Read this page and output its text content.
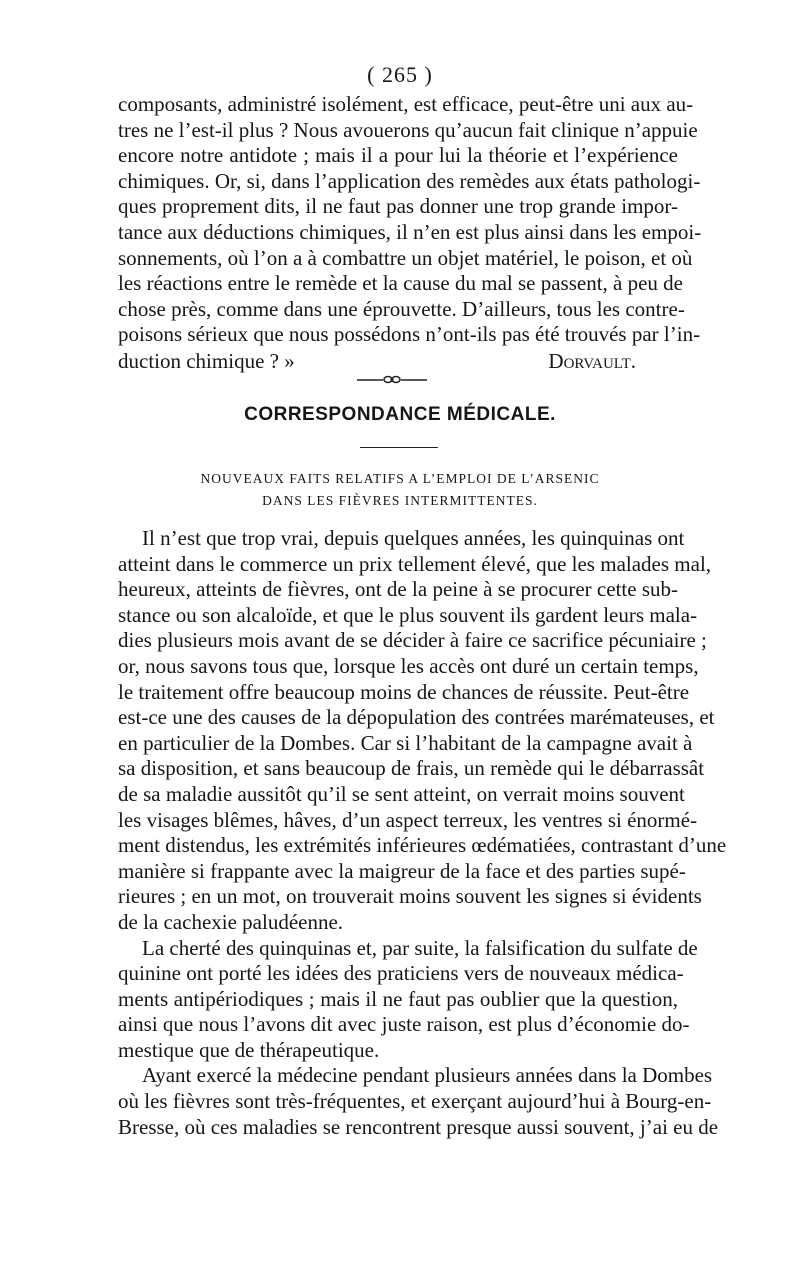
( 265 )
composants, administré isolément, est efficace, peut-être uni aux au-
tres ne l’est-il plus ? Nous avouerons qu’aucun fait clinique n’appuie
encore notre antidote ; mais il a pour lui la théorie et l’expérience
chimiques. Or, si, dans l’application des remèdes aux états pathologi-
ques proprement dits, il ne faut pas donner une trop grande impor-
tance aux déductions chimiques, il n’en est plus ainsi dans les empoi-
sonnements, où l’on a à combattre un objet matériel, le poison, et où
les réactions entre le remède et la cause du mal se passent, à peu de
chose près, comme dans une éprouvette. D’ailleurs, tous les contre-
poisons sérieux que nous possédons n’ont-ils pas été trouvés par l’in-
duction chimique ? »	Dorvault.
CORRESPONDANCE MÉDICALE.
NOUVEAUX FAITS RELATIFS A L’EMPLOI DE L’ARSENIC
DANS LES FIÈVRES INTERMITTENTES.
Il n’est que trop vrai, depuis quelques années, les quinquinas ont
atteint dans le commerce un prix tellement élevé, que les malades mal,
heureux, atteints de fièvres, ont de la peine à se procurer cette sub-
stance ou son alcaloïde, et que le plus souvent ils gardent leurs mala-
dies plusieurs mois avant de se décider à faire ce sacrifice pécuniaire ;
or, nous savons tous que, lorsque les accès ont duré un certain temps,
le traitement offre beaucoup moins de chances de réussite. Peut-être
est-ce une des causes de la dépopulation des contrées marématеuses, et
en particulier de la Dombes. Car si l’habitant de la campagne avait à
sa disposition, et sans beaucoup de frais, un remède qui le débarrassât
de sa maladie aussitôt qu’il se sent atteint, on verrait moins souvent
les visages blêmes, hâves, d’un aspect terreux, les ventres si énormé-
ment distendus, les extrémités inférieures œdématiées, contrastant d’une
manière si frappante avec la maigreur de la face et des parties supé-
rieures ; en un mot, on trouverait moins souvent les signes si évidents
de la cachexie paludéenne.
La cherté des quinquinas et, par suite, la falsification du sulfate de
quinine ont porté les idées des praticiens vers de nouveaux médica-
ments antipériodiques ; mais il ne faut pas oublier que la question,
ainsi que nous l’avons dit avec juste raison, est plus d’économie do-
mestique que de thérapeutique.
Ayant exercé la médecine pendant plusieurs années dans la Dombes
où les fièvres sont très-fréquentes, et exerçant aujourd’hui à Bourg-en-
Bresse, où ces maladies se rencontrent presque aussi souvent, j’ai eu de
